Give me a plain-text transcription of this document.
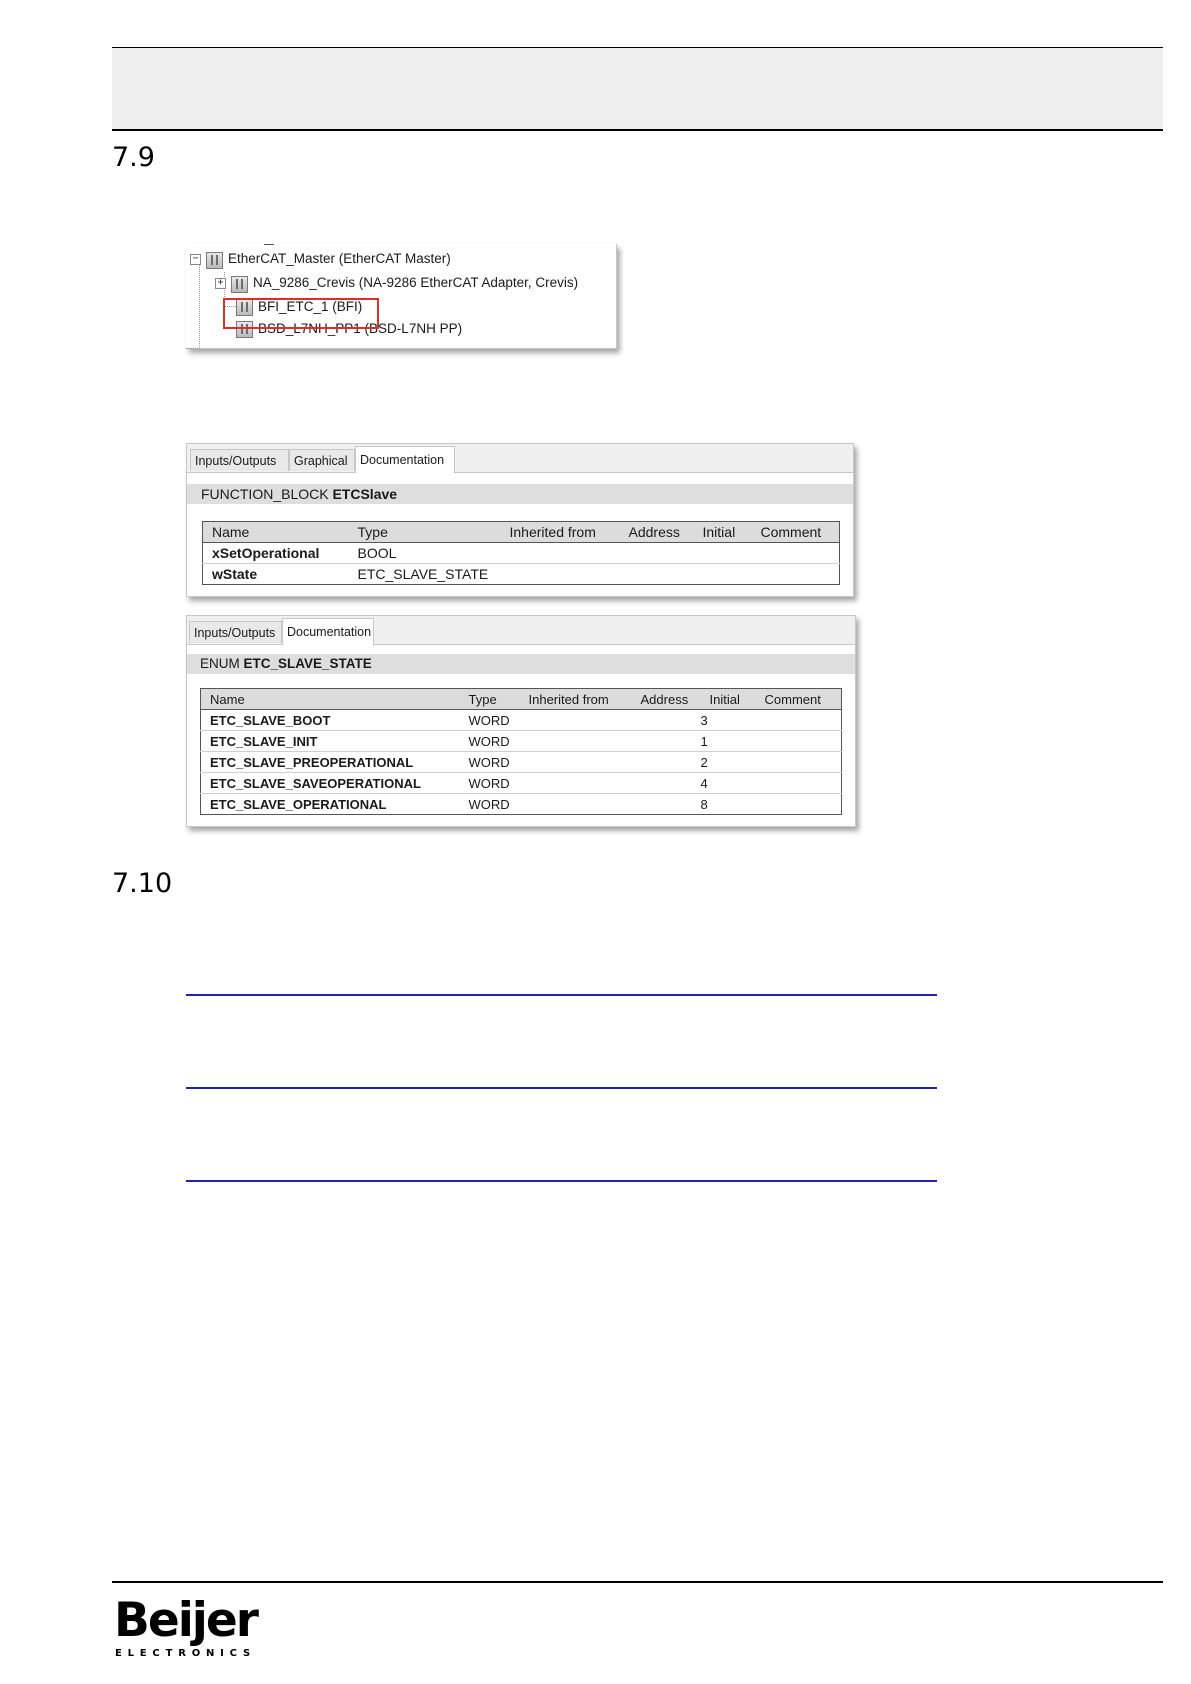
7.9
− EtherCAT_Master (EtherCAT Master)
+ NA_9286_Crevis (NA-9286 EtherCAT Adapter, Crevis)
BFI_ETC_1 (BFI)
BSD_L7NH_PP1 (BSD-L7NH PP)
Inputs/Outputs	Graphical	Documentation
FUNCTION_BLOCK ETCSlave
Name	Type	Inherited from	Address	Initial	Comment
xSetOperational	BOOL				
wState	ETC_SLAVE_STATE				
Inputs/Outputs Documentation
ENUM ETC_SLAVE_STATE
Name	Type	Inherited from	Address	Initial	Comment
ETC_SLAVE_BOOT	WORD			3	
ETC_SLAVE_INIT	WORD			1	
ETC_SLAVE_PREOPERATIONAL	WORD			2	
ETC_SLAVE_SAVEOPERATIONAL	WORD			4	
ETC_SLAVE_OPERATIONAL	WORD			8	
7.10
Beijer
ELECTRONICS
